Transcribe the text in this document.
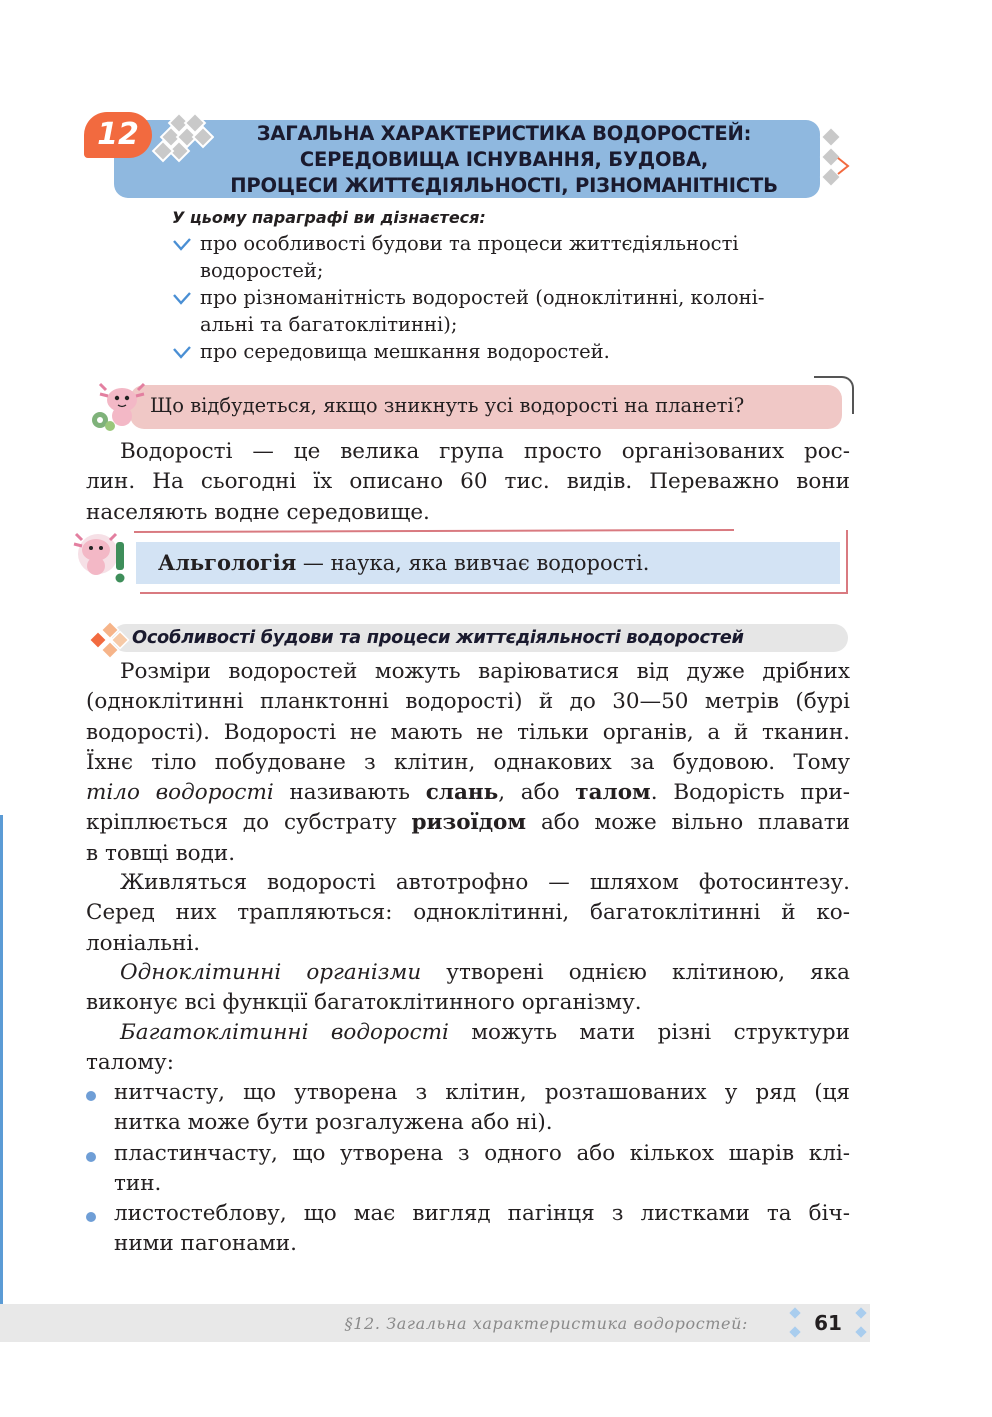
12	ЗАГАЛЬНА ХАРАКТЕРИСТИКА ВОДОРОСТЕЙ:
СЕРЕДОВИЩА ІСНУВАННЯ, БУДОВА,
ПРОЦЕСИ ЖИТТЄДІЯЛЬНОСТІ, РІЗНОМАНІТНІСТЬ
У цьому параграфі ви дізнаєтеся:
про особливості будови та процеси життєдіяльності
водоростей;
про різноманітність водоростей (одноклітинні, колоні-
альні та багатоклітинні);
про середовища мешкання водоростей.
Що відбудеться, якщо зникнуть усі водорості на планеті?
Водорості — це велика група просто організованих рос-
лин. На сьогодні їх описано 60 тис. видів. Переважно вони
населяють водне середовище.
Альгологія — наука, яка вивчає водорості.
Особливості будови та процеси життєдіяльності водоростей
Розміри водоростей можуть варіюватися від дуже дрібних
(одноклітинні планктонні водорості) й до 30—50 метрів (бурі
водорості). Водорості не мають не тільки органів, а й тканин.
Їхнє тіло побудоване з клітин, однакових за будовою. Тому
тіло водорості називають слань, або талом. Водорість при-
кріплюється до субстрату ризоїдом або може вільно плавати
в товщі води.
Живляться водорості автотрофно — шляхом фотосинтезу.
Серед них трапляються: одноклітинні, багатоклітинні й ко-
лоніальні.
Одноклітинні організми утворені однією клітиною, яка
виконує всі функції багатоклітинного організму.
Багатоклітинні водорості можуть мати різні структури
талому:
нитчасту, що утворена з клітин, розташованих у ряд (ця
нитка може бути розгалужена або ні).
пластинчасту, що утворена з одного або кількох шарів клі-
тин.
листостеблову, що має вигляд пагінця з листками та біч-
ними пагонами.
§12. Загальна характеристика водоростей:	61
